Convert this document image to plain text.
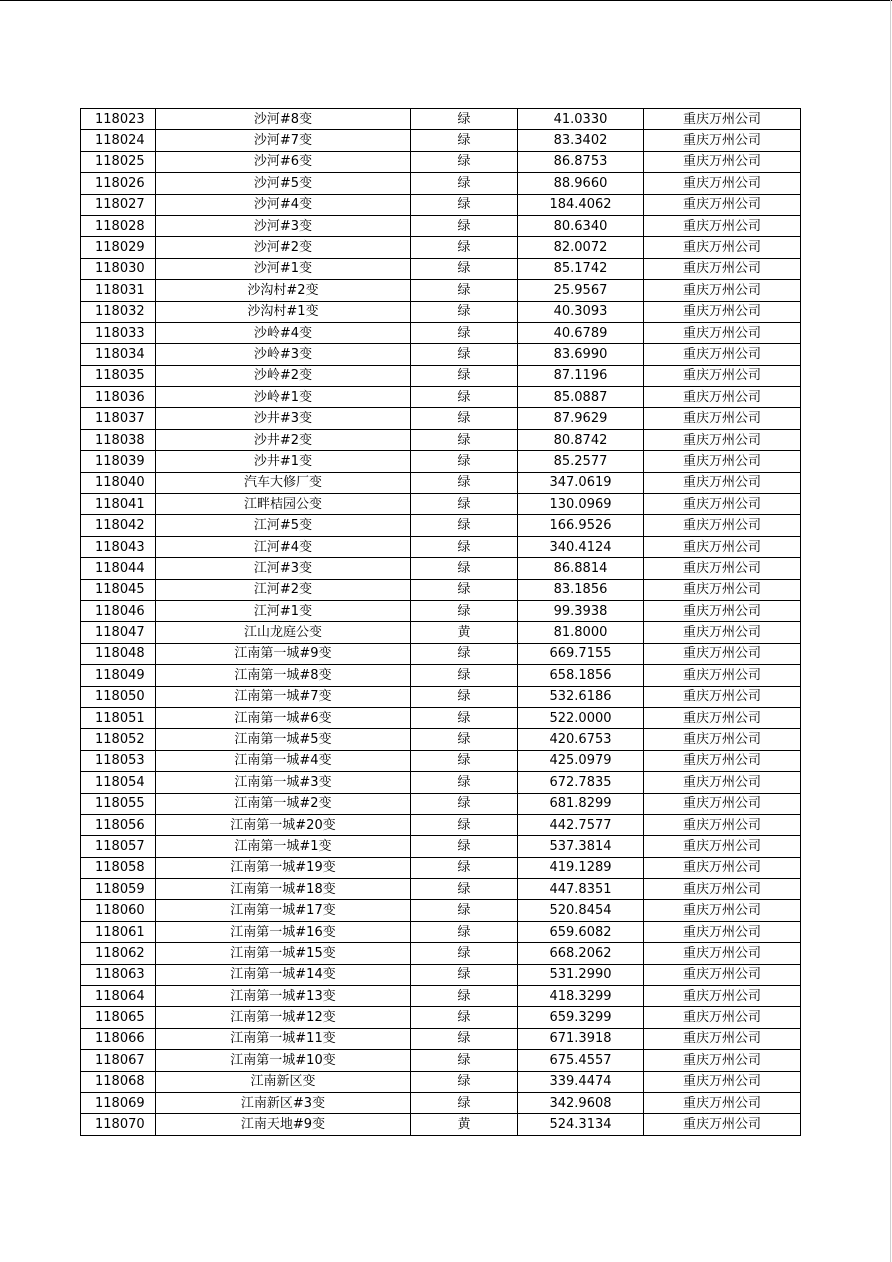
118023	沙河#8变	绿	41.0330	重庆万州公司
118024	沙河#7变	绿	83.3402	重庆万州公司
118025	沙河#6变	绿	86.8753	重庆万州公司
118026	沙河#5变	绿	88.9660	重庆万州公司
118027	沙河#4变	绿	184.4062	重庆万州公司
118028	沙河#3变	绿	80.6340	重庆万州公司
118029	沙河#2变	绿	82.0072	重庆万州公司
118030	沙河#1变	绿	85.1742	重庆万州公司
118031	沙沟村#2变	绿	25.9567	重庆万州公司
118032	沙沟村#1变	绿	40.3093	重庆万州公司
118033	沙岭#4变	绿	40.6789	重庆万州公司
118034	沙岭#3变	绿	83.6990	重庆万州公司
118035	沙岭#2变	绿	87.1196	重庆万州公司
118036	沙岭#1变	绿	85.0887	重庆万州公司
118037	沙井#3变	绿	87.9629	重庆万州公司
118038	沙井#2变	绿	80.8742	重庆万州公司
118039	沙井#1变	绿	85.2577	重庆万州公司
118040	汽车大修厂变	绿	347.0619	重庆万州公司
118041	江畔桔园公变	绿	130.0969	重庆万州公司
118042	江河#5变	绿	166.9526	重庆万州公司
118043	江河#4变	绿	340.4124	重庆万州公司
118044	江河#3变	绿	86.8814	重庆万州公司
118045	江河#2变	绿	83.1856	重庆万州公司
118046	江河#1变	绿	99.3938	重庆万州公司
118047	江山龙庭公变	黄	81.8000	重庆万州公司
118048	江南第一城#9变	绿	669.7155	重庆万州公司
118049	江南第一城#8变	绿	658.1856	重庆万州公司
118050	江南第一城#7变	绿	532.6186	重庆万州公司
118051	江南第一城#6变	绿	522.0000	重庆万州公司
118052	江南第一城#5变	绿	420.6753	重庆万州公司
118053	江南第一城#4变	绿	425.0979	重庆万州公司
118054	江南第一城#3变	绿	672.7835	重庆万州公司
118055	江南第一城#2变	绿	681.8299	重庆万州公司
118056	江南第一城#20变	绿	442.7577	重庆万州公司
118057	江南第一城#1变	绿	537.3814	重庆万州公司
118058	江南第一城#19变	绿	419.1289	重庆万州公司
118059	江南第一城#18变	绿	447.8351	重庆万州公司
118060	江南第一城#17变	绿	520.8454	重庆万州公司
118061	江南第一城#16变	绿	659.6082	重庆万州公司
118062	江南第一城#15变	绿	668.2062	重庆万州公司
118063	江南第一城#14变	绿	531.2990	重庆万州公司
118064	江南第一城#13变	绿	418.3299	重庆万州公司
118065	江南第一城#12变	绿	659.3299	重庆万州公司
118066	江南第一城#11变	绿	671.3918	重庆万州公司
118067	江南第一城#10变	绿	675.4557	重庆万州公司
118068	江南新区变	绿	339.4474	重庆万州公司
118069	江南新区#3变	绿	342.9608	重庆万州公司
118070	江南天地#9变	黄	524.3134	重庆万州公司
